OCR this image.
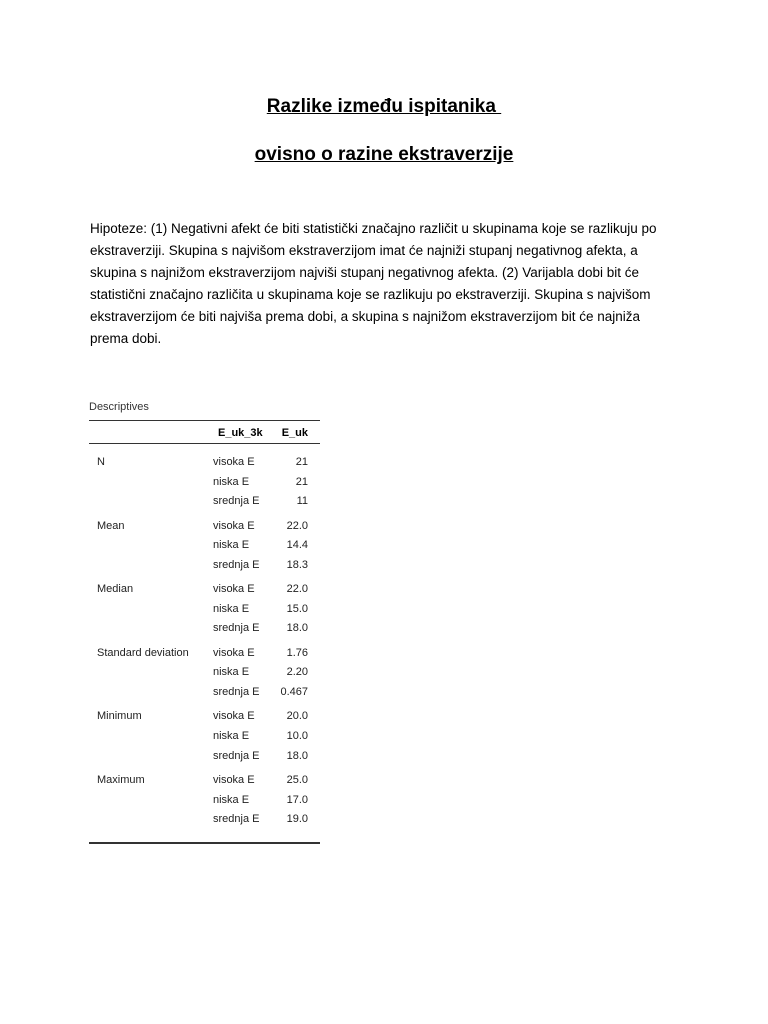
Razlike između ispitanika
ovisno o razine ekstraverzije
Hipoteze: (1) Negativni afekt će biti statistički značajno različit u skupinama koje se razlikuju po
ekstraverziji. Skupina s najvišom ekstraverzijom imat će najniži stupanj negativnog afekta, a
skupina s najnižom ekstraverzijom najviši stupanj negativnog afekta. (2) Varijabla dobi bit će
statistični značajno različita u skupinama koje se razlikuju po ekstraverziji. Skupina s najvišom
ekstraverzijom će biti najviša prema dobi, a skupina s najnižom ekstraverzijom bit će najniža
prema dobi.
Descriptives
E_uk_3k E_uk
N	visoka E	21
niska E	21
srednja E	11
Mean	visoka E	22.0
niska E	14.4
srednja E 18.3
Median	visoka E	22.0
niska E	15.0
srednja E 18.0
Standard deviation visoka E	1.76
niska E	2.20
srednja E 0.467
Minimum	visoka E	20.0
niska E	10.0
srednja E 18.0
Maximum	visoka E	25.0
niska E	17.0
srednja E 19.0
